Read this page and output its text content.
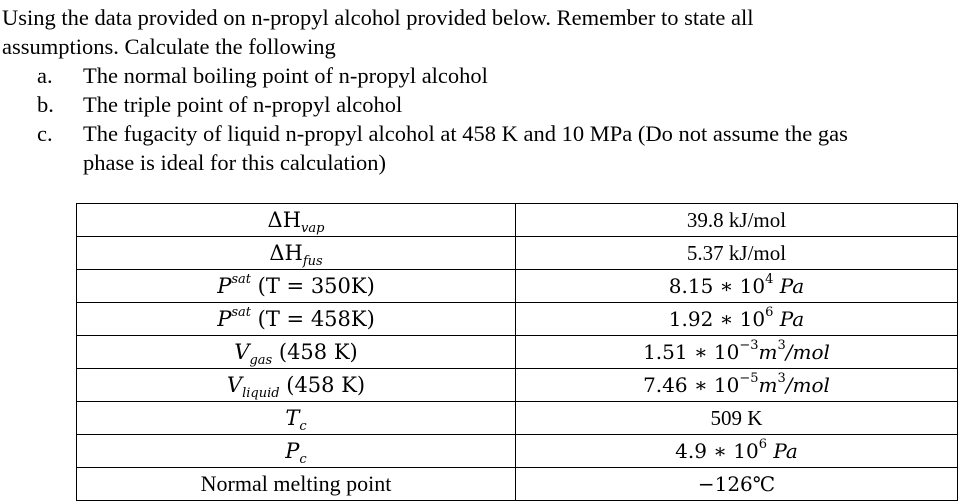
Using the data provided on n-propyl alcohol provided below. Remember to state all
assumptions. Calculate the following

a. The normal boiling point of n-propyl alcohol
b. The triple point of n-propyl alcohol
c. The fugacity of liquid n-propyl alcohol at 458 K and 10 MPa (Do not assume the gas
phase is ideal for this calculation)
$\Delta H_{vap}$	39.8 kJ/mol
$\Delta H_{fus}$	5.37 kJ/mol
$P^{sat}$ (T = 350K)	8.15 ∗ $10^4$ Pa
$P^{sat}$ (T = 458K)	1.92 ∗ $10^6$ Pa
$V_{gas}$ (458 K)	1.51 ∗ $10^{-3}m^3$/mol
$V_{liquid}$ (458 K)	7.46 ∗ $10^{-5}m^3$/mol
$T_c$	509 K
$P_c$	4.9 ∗ $10^6$ Pa
Normal melting point	−126℃
